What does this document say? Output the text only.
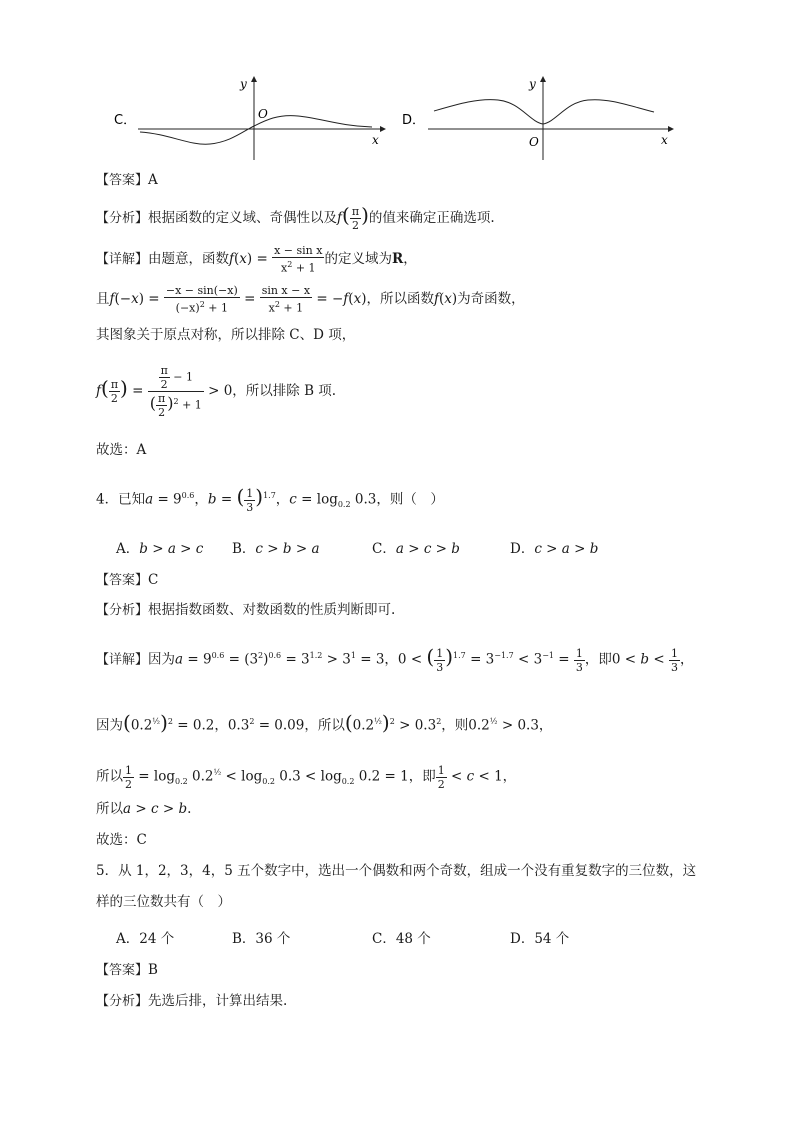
C．
y
x
O	D．
y
x
O
【答案】A
【分析】根据函数的定义域、奇偶性以及$f( \frac{\pi}{2}$ )的值来确定正确选项.
【详解】由题意，函数$f(x) = \frac{\text{x − sin x}}{x^2 + 1}$ 的定义域为R，
且$f(-x) = \frac{-x - \sin(-x)}{(-x)^2 + 1} = \frac{\text{sin x − x}}{x^2 + 1} = -f(x)$，所以函数f(x)为奇函数，
其图象关于原点对称，所以排除 C、D 项，
$f( \frac{\pi}{2}$ ) = $\frac{\frac{\pi}{2} - 1}{( \frac{\pi}{2} )^2 + 1} > 0$，所以排除 B 项.
故选：A
4．已知$a = 9^{0.6}$，b = ( $\frac{1}{3} )^{1.7}$，$c = \log_{0.2} 0.3$，则（　）
A．b > a > c B．c > b > a	C．a > c > b	D．c > a > b
【答案】C
【分析】根据指数函数、对数函数的性质判断即可.
【详解】因为$a = 9^{0.6} = (3^2)^{0.6} = 3^{1.2} > 3^1 = 3$，0 < ( $\frac{1}{3} )^{1.7} = 3^{-1.7} < 3^{-1} = \frac{1}{3}$ ，即$0 < b < \frac{1}{3}$ ，
因为$(0.2^{\frac{1}{2}})^2 = 0.2$，$0.3^2 = 0.09$，所以$(0.2^{\frac{1}{2}})^2 > 0.3^2$，则$0.2^{\frac{1}{2}} > 0.3$，
所以 $\frac{1}{2} = \log_{0.2} 0.2^{\frac{1}{2}} < \log_{0.2} 0.3 < \log_{0.2} 0.2 = 1$，即 $\frac{1}{2} < c < 1$，
所以a > c > b.
故选：C
5．从 1，2，3，4，5 五个数字中，选出一个偶数和两个奇数，组成一个没有重复数字的三位数，这
样的三位数共有（　）
A．24 个	B．36 个	C．48 个	D．54 个
【答案】B
【分析】先选后排，计算出结果.
